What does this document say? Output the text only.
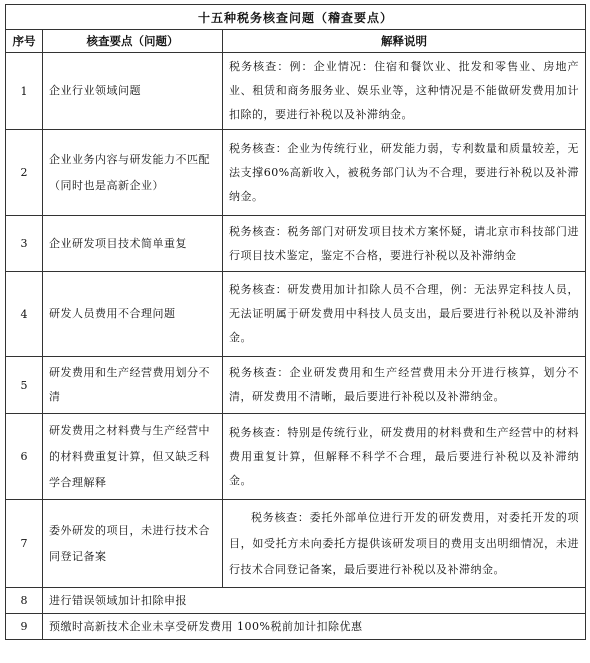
十五种税务核查问题（稽查要点）		
序号	核查要点（问题）	解释说明
1	企业行业领域问题	税务核查：例：企业情况：住宿和餐饮业、批发和零售业、房地产业、租赁和商务服务业、娱乐业等，这种情况是不能做研发费用加计扣除的，要进行补税以及补滞纳金。
2	企业业务内容与研发能力不匹配 （同时也是高新企业）	税务核查：企业为传统行业，研发能力弱，专利数量和质量较差，无法支撑60%高新收入，被税务部门认为不合理，要进行补税以及补滞纳金。
3	企业研发项目技术简单重复	税务核查：税务部门对研发项目技术方案怀疑，请北京市科技部门进行项目技术鉴定，鉴定不合格，要进行补税以及补滞纳金
4	研发人员费用不合理问题	税务核查：研发费用加计扣除人员不合理，例：无法界定科技人员，无法证明属于研发费用中科技人员支出，最后要进行补税以及补滞纳金。
5	研发费用和生产经营费用划分不清	税务核查：企业研发费用和生产经营费用未分开进行核算，划分不清，研发费用不清晰，最后要进行补税以及补滞纳金。
6	研发费用之材料费与生产经营中的材料费重复计算，但又缺乏科学合理解释	税务核查：特别是传统行业，研发费用的材料费和生产经营中的材料费用重复计算，但解释不科学不合理，最后要进行补税以及补滞纳金。
7	委外研发的项目，未进行技术合同登记备案	税务核查：委托外部单位进行开发的研发费用，对委托开发的项目，如受托方未向委托方提供该研发项目的费用支出明细情况，未进行技术合同登记备案，最后要进行补税以及补滞纳金。
8	进行错误领域加计扣除申报	
9	预缴时高新技术企业未享受研发费用 100%税前加计扣除优惠	
